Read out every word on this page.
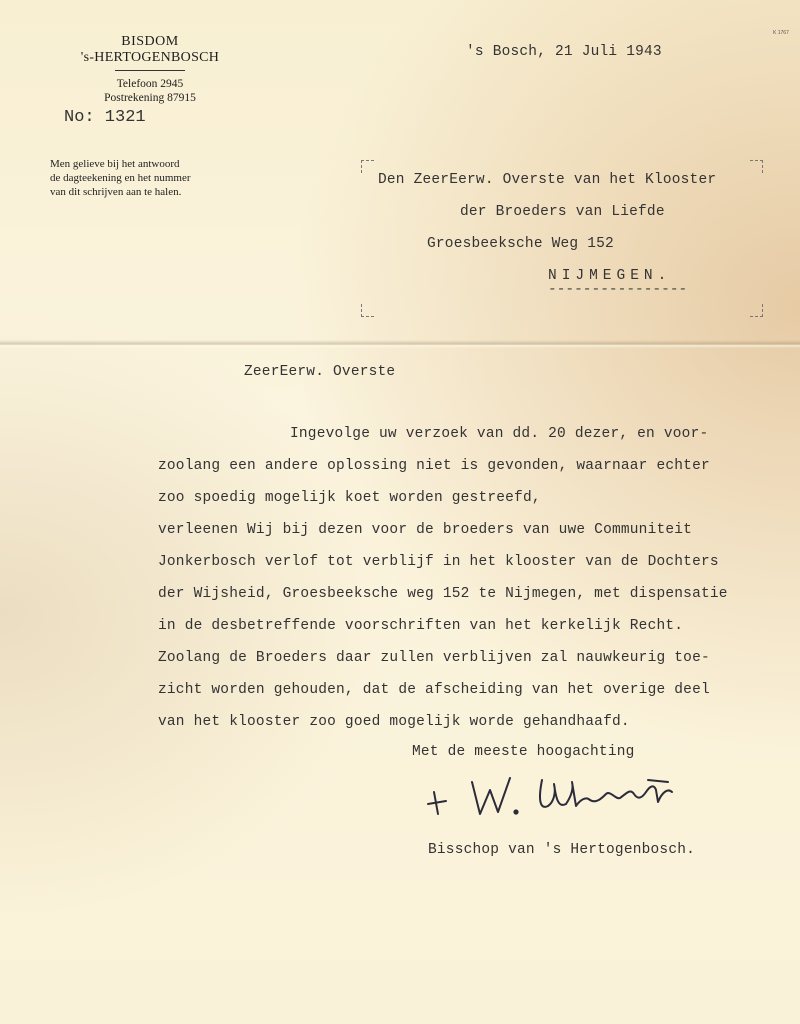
K 1767
BISDOM
's-HERTOGENBOSCH
Telefoon 2945
Postrekening 87915
No: 1321
Men gelieve bij het antwoord
de dagteekening en het nummer
van dit schrijven aan te halen.
's Bosch, 21 Juli 1943
Den ZeerEerw. Overste van het Klooster
der Broeders van Liefde
Groesbeeksche Weg 152
NIJMEGEN.
----------------
ZeerEerw. Overste
Ingevolge uw verzoek van dd. 20 dezer, en voor-
zoolang een andere oplossing niet is gevonden, waarnaar echter
zoo spoedig mogelijk koet worden gestreefd,
verleenen Wij bij dezen voor de broeders van uwe Communiteit
Jonkerbosch verlof tot verblijf in het klooster van de Dochters
der Wijsheid, Groesbeeksche weg 152 te Nijmegen, met dispensatie
in de desbetreffende voorschriften van het kerkelijk Recht.
Zoolang de Broeders daar zullen verblijven zal nauwkeurig toe-
zicht worden gehouden, dat de afscheiding van het overige deel
van het klooster zoo goed mogelijk worde gehandhaafd.
Met de meeste hoogachting
Bisschop van 's Hertogenbosch.
